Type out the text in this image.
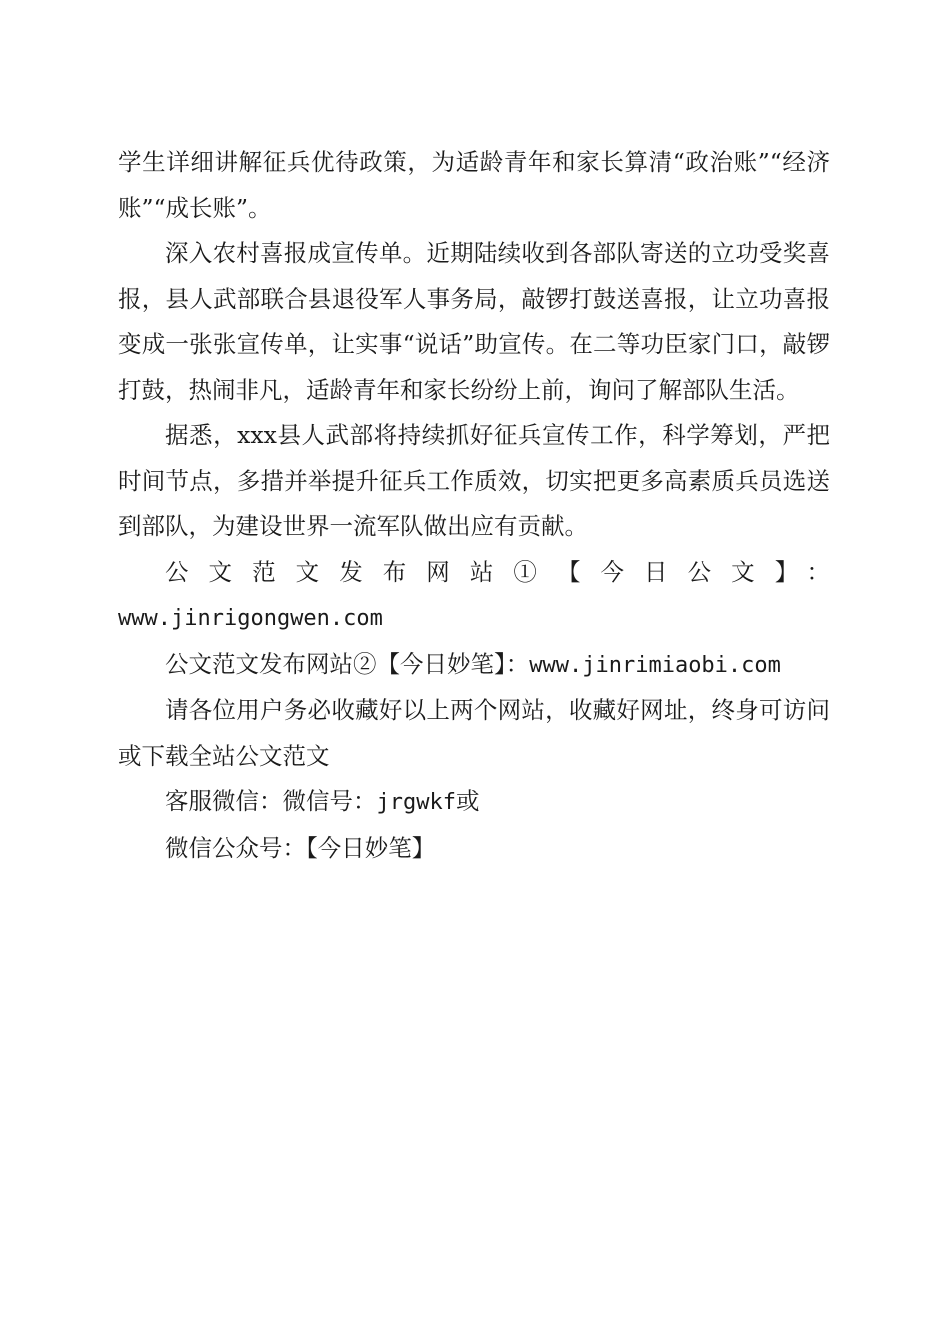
学生详细讲解征兵优待政策，为适龄青年和家长算清“政治账”“经济账”“成长账”。

深入农村喜报成宣传单。近期陆续收到各部队寄送的立功受奖喜报，县人武部联合县退役军人事务局，敲锣打鼓送喜报，让立功喜报变成一张张宣传单，让实事“说话”助宣传。在二等功臣家门口，敲锣打鼓，热闹非凡，适龄青年和家长纷纷上前，询问了解部队生活。

据悉，xxx县人武部将持续抓好征兵宣传工作，科学筹划，严把时间节点，多措并举提升征兵工作质效，切实把更多高素质兵员选送到部队，为建设世界一流军队做出应有贡献。

公文范文发布网站①【今日公文】：

www.jinrigongwen.com

公文范文发布网站②【今日妙笔】：www.jinrimiaobi.com

请各位用户务必收藏好以上两个网站，收藏好网址，终身可访问或下载全站公文范文

客服微信：微信号：jrgwkf或

微信公众号：【今日妙笔】
